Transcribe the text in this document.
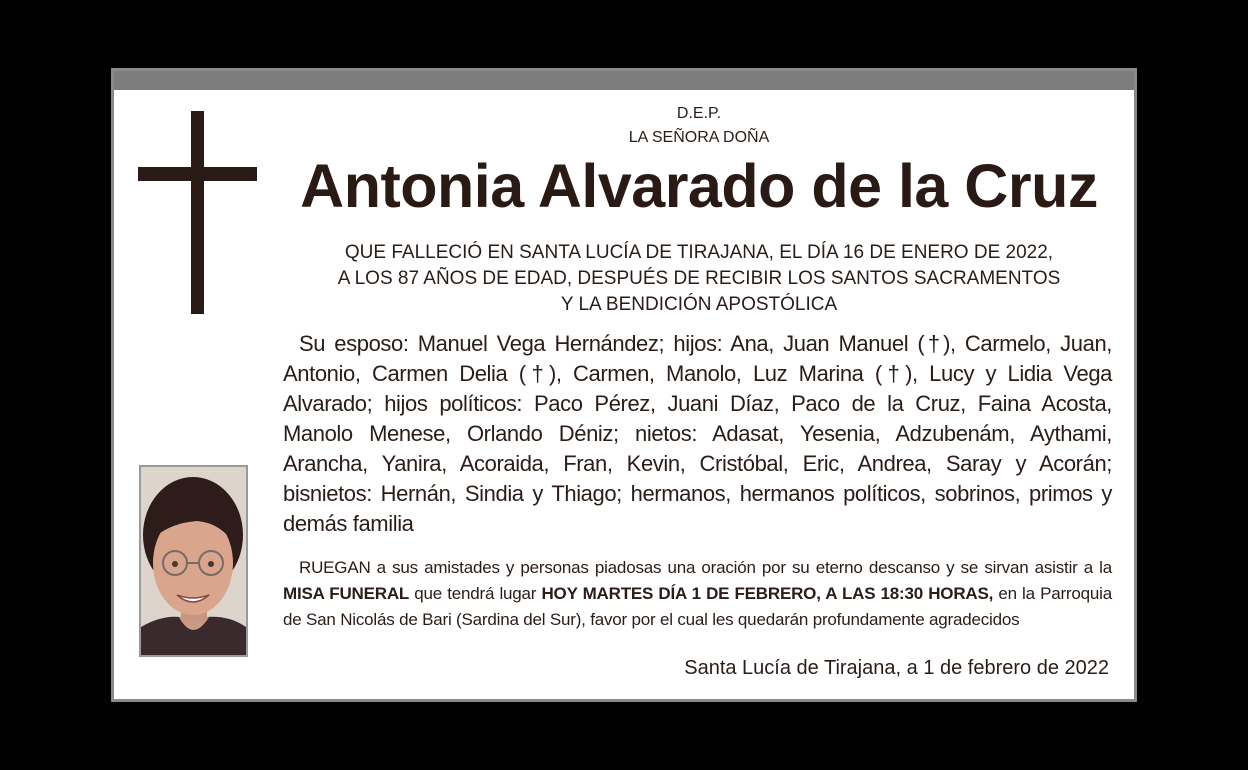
D.E.P.
LA SEÑORA DOÑA
Antonia Alvarado de la Cruz
QUE FALLECIÓ EN SANTA LUCÍA DE TIRAJANA, EL DÍA 16 DE ENERO DE 2022,
A LOS 87 AÑOS DE EDAD, DESPUÉS DE RECIBIR LOS SANTOS SACRAMENTOS
Y LA BENDICIÓN APOSTÓLICA
Su esposo: Manuel Vega Hernández; hijos: Ana, Juan Manuel (†), Carmelo, Juan, Antonio, Carmen Delia (†), Carmen, Manolo, Luz Marina (†), Lucy y Lidia Vega Alvarado; hijos políticos: Paco Pérez, Juani Díaz, Paco de la Cruz, Faina Acosta, Manolo Menese, Orlando Déniz; nietos: Adasat, Yesenia, Adzubenám, Aythami, Arancha, Yanira, Acoraida, Fran, Kevin, Cristóbal, Eric, Andrea, Saray y Acorán; bisnietos: Hernán, Sindia y Thiago; hermanos, hermanos políticos, sobrinos, primos y demás familia
RUEGAN a sus amistades y personas piadosas una oración por su eterno descanso y se sirvan asistir a la MISA FUNERAL que tendrá lugar HOY MARTES DÍA 1 DE FEBRERO, A LAS 18:30 HORAS, en la Parroquia de San Nicolás de Bari (Sardina del Sur), favor por el cual les quedarán profundamente agradecidos
Santa Lucía de Tirajana, a 1 de febrero de 2022
